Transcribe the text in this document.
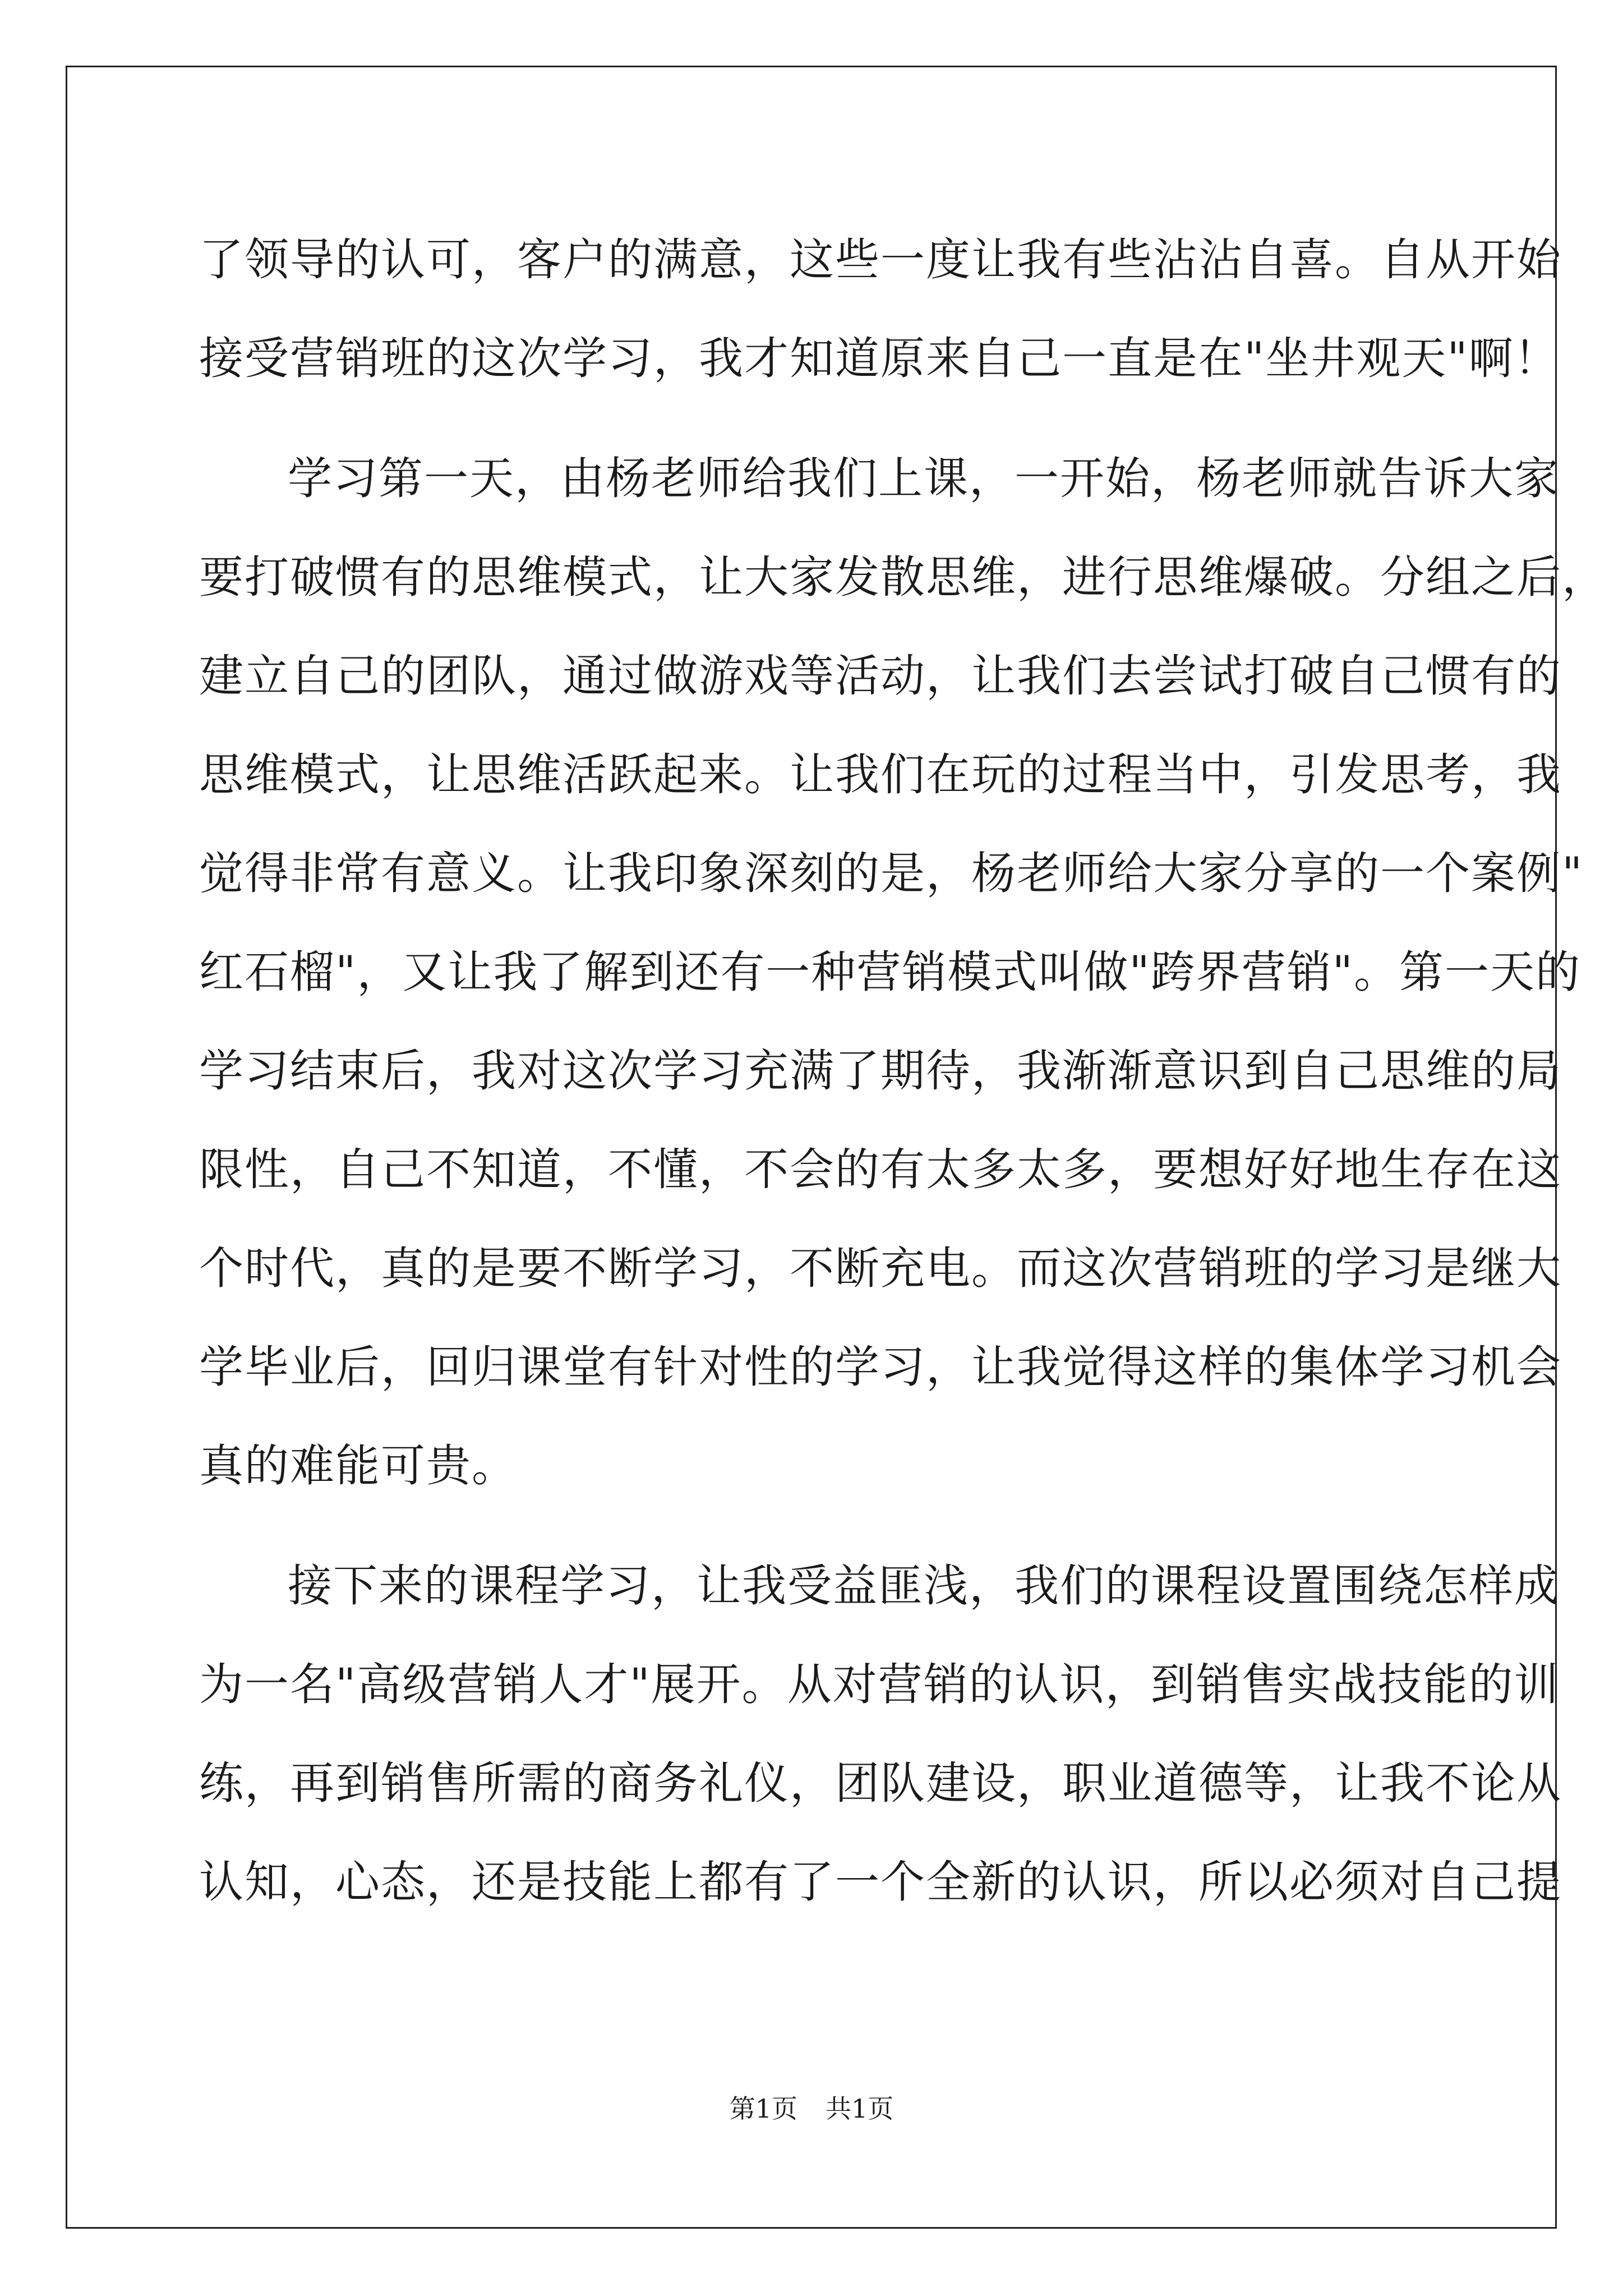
了领导的认可，客户的满意，这些一度让我有些沾沾自喜。自从开始
接受营销班的这次学习，我才知道原来自己一直是在"坐井观天"啊！
学习第一天，由杨老师给我们上课，一开始，杨老师就告诉大家
要打破惯有的思维模式，让大家发散思维，进行思维爆破。分组之后，
建立自己的团队，通过做游戏等活动，让我们去尝试打破自己惯有的
思维模式，让思维活跃起来。让我们在玩的过程当中，引发思考，我
觉得非常有意义。让我印象深刻的是，杨老师给大家分享的一个案例"
红石榴"，又让我了解到还有一种营销模式叫做"跨界营销"。第一天的
学习结束后，我对这次学习充满了期待，我渐渐意识到自己思维的局
限性，自己不知道，不懂，不会的有太多太多，要想好好地生存在这
个时代，真的是要不断学习，不断充电。而这次营销班的学习是继大
学毕业后，回归课堂有针对性的学习，让我觉得这样的集体学习机会
真的难能可贵。
接下来的课程学习，让我受益匪浅，我们的课程设置围绕怎样成
为一名"高级营销人才"展开。从对营销的认识，到销售实战技能的训
练，再到销售所需的商务礼仪，团队建设，职业道德等，让我不论从
认知，心态，还是技能上都有了一个全新的认识，所以必须对自己提
第1页 共1页
